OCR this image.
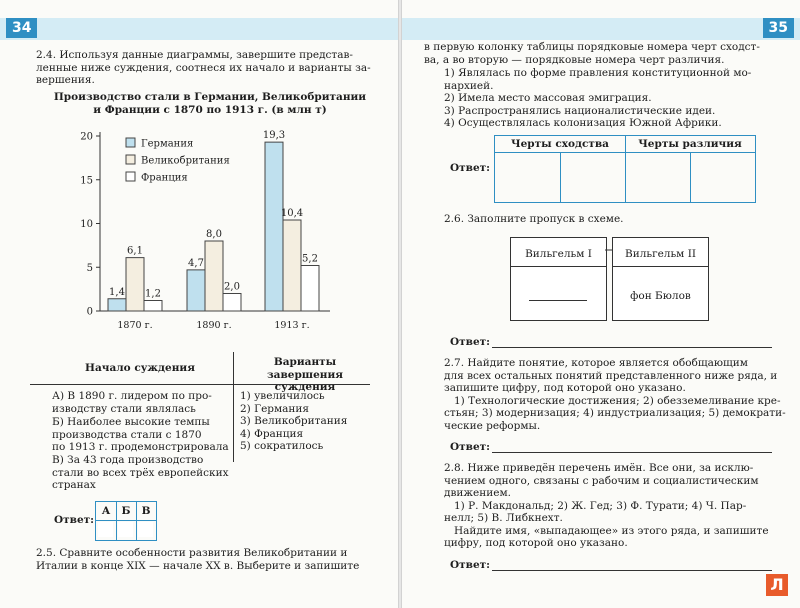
34
2.4. Используя данные диаграммы, завершите представ-
ленные ниже суждения, соотнеся их начало и варианты за-
вершения.
Производство стали в Германии, Великобритании
и Франции с 1870 по 1913 г. (в млн т)
0
5
10
15
20
1,4
6,1
1,2
1870 г.
4,7
8,0
2,0
1890 г.
19,3
10,4
5,2
1913 г.
Германия
Великобритания
Франция
Начало суждения	Варианты
завершения суждения
А) В 1890 г. лидером по про-
изводству стали являлась
Б) Наиболее высокие темпы
производства стали с 1870
по 1913 г. продемонстрировала
В) За 43 года производство
стали во всех трёх европейских
странах
1) увеличилось
2) Германия
3) Великобритания
4) Франция
5) сократилось
Ответ:
А	Б	В
2.5. Сравните особенности развития Великобритании и
Италии в конце XIX — начале XX в. Выберите и запишите
35
в первую колонку таблицы порядковые номера черт сходст-
ва, а во вторую — порядковые номера черт различия.
1) Являлась по форме правления конституционной мо-
нархией.
2) Имела место массовая эмиграция.
3) Распространялись националистические идеи.
4) Осуществлялась колонизация Южной Африки.
Ответ:
Черты сходства	Черты различия
2.6. Заполните пропуск в схеме.
Вильгельм I	Вильгельм II
фон Бюлов
Ответ:
2.7. Найдите понятие, которое является обобщающим
для всех остальных понятий представленного ниже ряда, и
запишите цифру, под которой оно указано.
1) Технологические достижения; 2) обезземеливание кре-
стьян; 3) модернизация; 4) индустриализация; 5) демократи-
ческие реформы.
Ответ:
2.8. Ниже приведён перечень имён. Все они, за исклю-
чением одного, связаны с рабочим и социалистическим
движением.
1) Р. Макдональд; 2) Ж. Гед; 3) Ф. Турати; 4) Ч. Пар-
нелл; 5) В. Либкнехт.
Найдите имя, «выпадающее» из этого ряда, и запишите
цифру, под которой оно указано.
Ответ:
Л
